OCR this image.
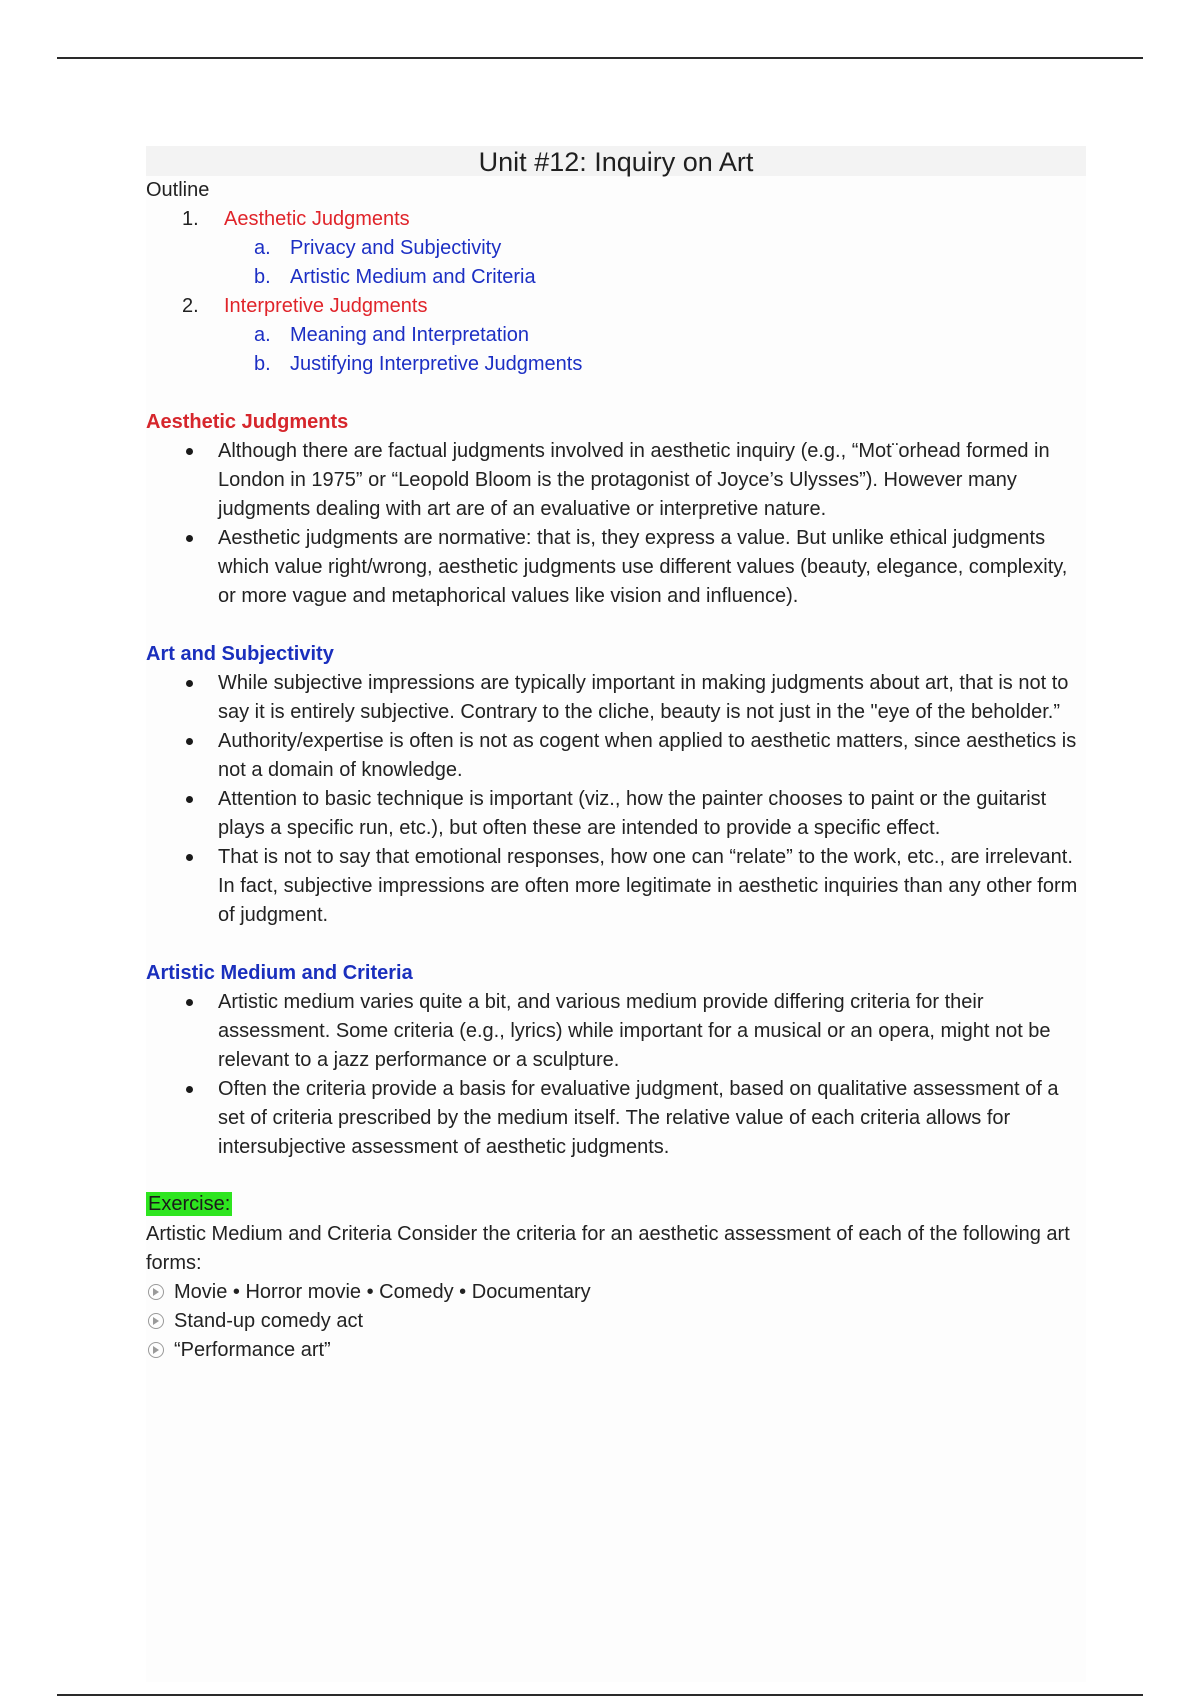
Unit #12: Inquiry on Art

Outline

1. Aesthetic Judgments
a. Privacy and Subjectivity
b. Artistic Medium and Criteria
2. Interpretive Judgments
a. Meaning and Interpretation
b. Justifying Interpretive Judgments

Aesthetic Judgments

Although there are factual judgments involved in aesthetic inquiry (e.g., “Mot¨orhead formed in London in 1975” or “Leopold Bloom is the protagonist of Joyce’s Ulysses”). However many judgments dealing with art are of an evaluative or interpretive nature.
Aesthetic judgments are normative: that is, they express a value. But unlike ethical judgments which value right/wrong, aesthetic judgments use different values (beauty, elegance, complexity, or more vague and metaphorical values like vision and influence).

Art and Subjectivity

While subjective impressions are typically important in making judgments about art, that is not to say it is entirely subjective. Contrary to the cliche, beauty is not just in the "eye of the beholder.”
Authority/expertise is often is not as cogent when applied to aesthetic matters, since aesthetics is not a domain of knowledge.
Attention to basic technique is important (viz., how the painter chooses to paint or the guitarist plays a specific run, etc.), but often these are intended to provide a specific effect.
That is not to say that emotional responses, how one can “relate” to the work, etc., are irrelevant. In fact, subjective impressions are often more legitimate in aesthetic inquiries than any other form of judgment.

Artistic Medium and Criteria

Artistic medium varies quite a bit, and various medium provide differing criteria for their assessment. Some criteria (e.g., lyrics) while important for a musical or an opera, might not be relevant to a jazz performance or a sculpture.
Often the criteria provide a basis for evaluative judgment, based on qualitative assessment of a set of criteria prescribed by the medium itself. The relative value of each criteria allows for intersubjective assessment of aesthetic judgments.
Exercise:

Artistic Medium and Criteria Consider the criteria for an aesthetic assessment of each of the following art forms:

Movie • Horror movie • Comedy • Documentary
Stand-up comedy act
“Performance art”
